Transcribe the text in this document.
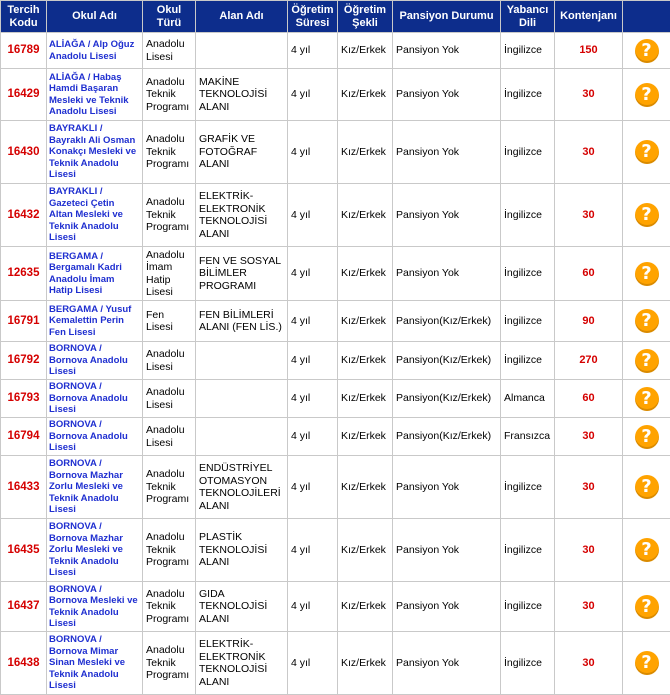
Tercih Kodu	Okul Adı	Okul Türü	Alan Adı	Öğretim Süresi	Öğretim Şekli	Pansiyon Durumu	Yabancı Dili	Kontenjanı	
16789	ALİAĞA / Alp Oğuz Anadolu Lisesi	Anadolu Lisesi		4 yıl	Kız/Erkek	Pansiyon Yok	İngilizce	150	?
16429	ALİAĞA / Habaş Hamdi Başaran Mesleki ve Teknik Anadolu Lisesi	Anadolu Teknik Programı	MAKİNE TEKNOLOJİSİ ALANI	4 yıl	Kız/Erkek	Pansiyon Yok	İngilizce	30	?
16430	BAYRAKLI / Bayraklı Ali Osman Konakçı Mesleki ve Teknik Anadolu Lisesi	Anadolu Teknik Programı	GRAFİK VE FOTOĞRAF ALANI	4 yıl	Kız/Erkek	Pansiyon Yok	İngilizce	30	?
16432	BAYRAKLI / Gazeteci Çetin Altan Mesleki ve Teknik Anadolu Lisesi	Anadolu Teknik Programı	ELEKTRİK-ELEKTRONİK TEKNOLOJİSİ ALANI	4 yıl	Kız/Erkek	Pansiyon Yok	İngilizce	30	?
12635	BERGAMA / Bergamalı Kadri Anadolu İmam Hatip Lisesi	Anadolu İmam Hatip Lisesi	FEN VE SOSYAL BİLİMLER PROGRAMI	4 yıl	Kız/Erkek	Pansiyon Yok	İngilizce	60	?
16791	BERGAMA / Yusuf Kemalettin Perin Fen Lisesi	Fen Lisesi	FEN BİLİMLERİ ALANI (FEN LİS.)	4 yıl	Kız/Erkek	Pansiyon(Kız/Erkek)	İngilizce	90	?
16792	BORNOVA / Bornova Anadolu Lisesi	Anadolu Lisesi		4 yıl	Kız/Erkek	Pansiyon(Kız/Erkek)	İngilizce	270	?
16793	BORNOVA / Bornova Anadolu Lisesi	Anadolu Lisesi		4 yıl	Kız/Erkek	Pansiyon(Kız/Erkek)	Almanca	60	?
16794	BORNOVA / Bornova Anadolu Lisesi	Anadolu Lisesi		4 yıl	Kız/Erkek	Pansiyon(Kız/Erkek)	Fransızca	30	?
16433	BORNOVA / Bornova Mazhar Zorlu Mesleki ve Teknik Anadolu Lisesi	Anadolu Teknik Programı	ENDÜSTRİYEL OTOMASYON TEKNOLOJİLERİ ALANI	4 yıl	Kız/Erkek	Pansiyon Yok	İngilizce	30	?
16435	BORNOVA / Bornova Mazhar Zorlu Mesleki ve Teknik Anadolu Lisesi	Anadolu Teknik Programı	PLASTİK TEKNOLOJİSİ ALANI	4 yıl	Kız/Erkek	Pansiyon Yok	İngilizce	30	?
16437	BORNOVA / Bornova Mesleki ve Teknik Anadolu Lisesi	Anadolu Teknik Programı	GIDA TEKNOLOJİSİ ALANI	4 yıl	Kız/Erkek	Pansiyon Yok	İngilizce	30	?
16438	BORNOVA / Bornova Mimar Sinan Mesleki ve Teknik Anadolu Lisesi	Anadolu Teknik Programı	ELEKTRİK-ELEKTRONİK TEKNOLOJİSİ ALANI	4 yıl	Kız/Erkek	Pansiyon Yok	İngilizce	30	?
